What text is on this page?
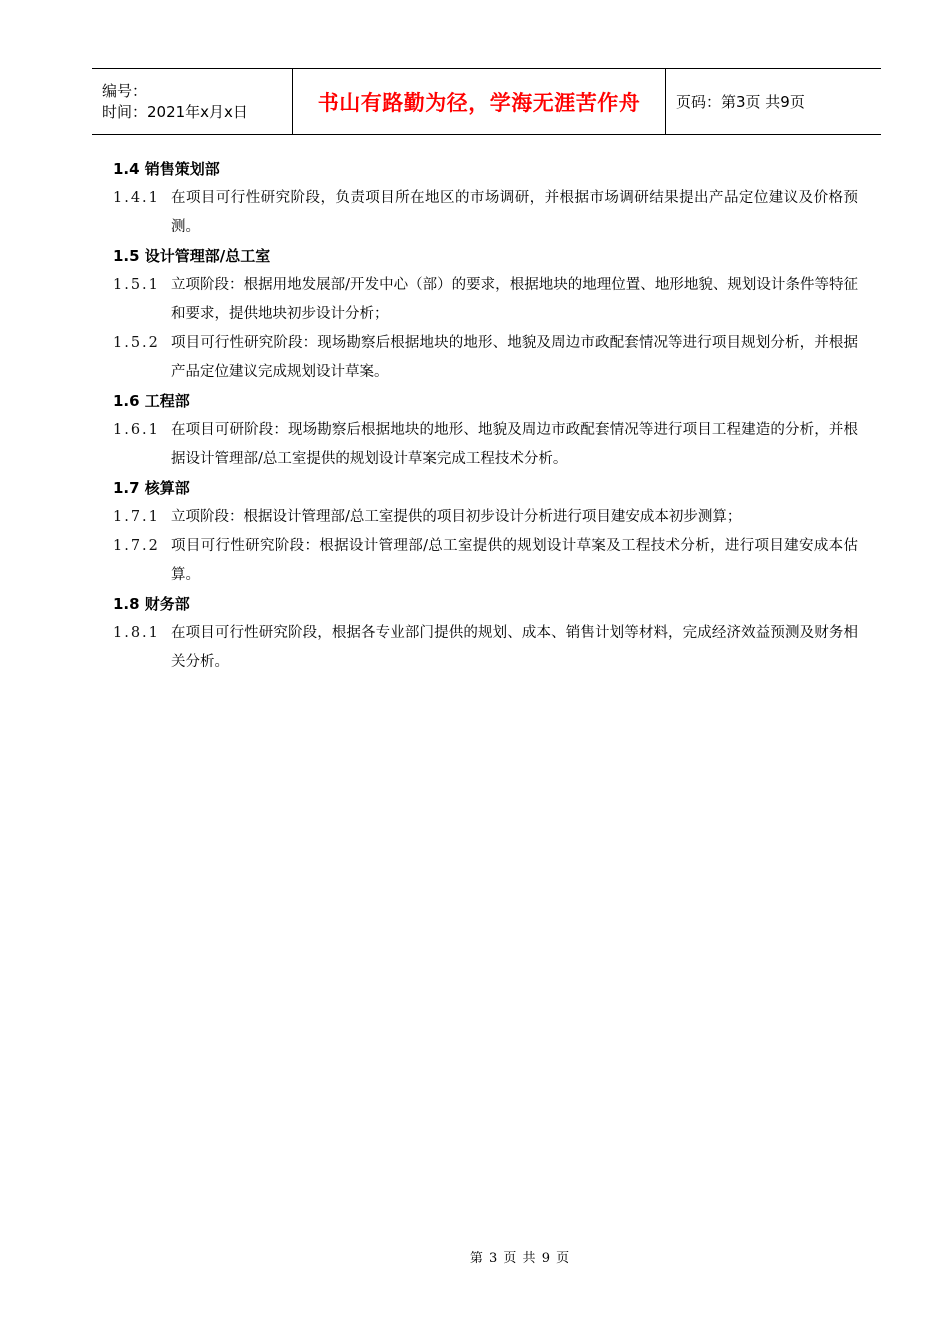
编号：
时间：2021年x月x日	书山有路勤为径，学海无涯苦作舟	页码：第3页 共9页
1.4 销售策划部
1.4.1 在项目可行性研究阶段，负责项目所在地区的市场调研，并根据市场调研结果提出产品定位建议及价格预测。
1.5 设计管理部/总工室
1.5.1 立项阶段：根据用地发展部/开发中心（部）的要求，根据地块的地理位置、地形地貌、规划设计条件等特征和要求，提供地块初步设计分析；
1.5.2 项目可行性研究阶段：现场勘察后根据地块的地形、地貌及周边市政配套情况等进行项目规划分析，并根据产品定位建议完成规划设计草案。
1.6 工程部
1.6.1 在项目可研阶段：现场勘察后根据地块的地形、地貌及周边市政配套情况等进行项目工程建造的分析，并根据设计管理部/总工室提供的规划设计草案完成工程技术分析。
1.7 核算部
1.7.1 立项阶段：根据设计管理部/总工室提供的项目初步设计分析进行项目建安成本初步测算；
1.7.2 项目可行性研究阶段：根据设计管理部/总工室提供的规划设计草案及工程技术分析，进行项目建安成本估算。
1.8 财务部
1.8.1 在项目可行性研究阶段，根据各专业部门提供的规划、成本、销售计划等材料，完成经济效益预测及财务相关分析。
第 3 页 共 9 页
